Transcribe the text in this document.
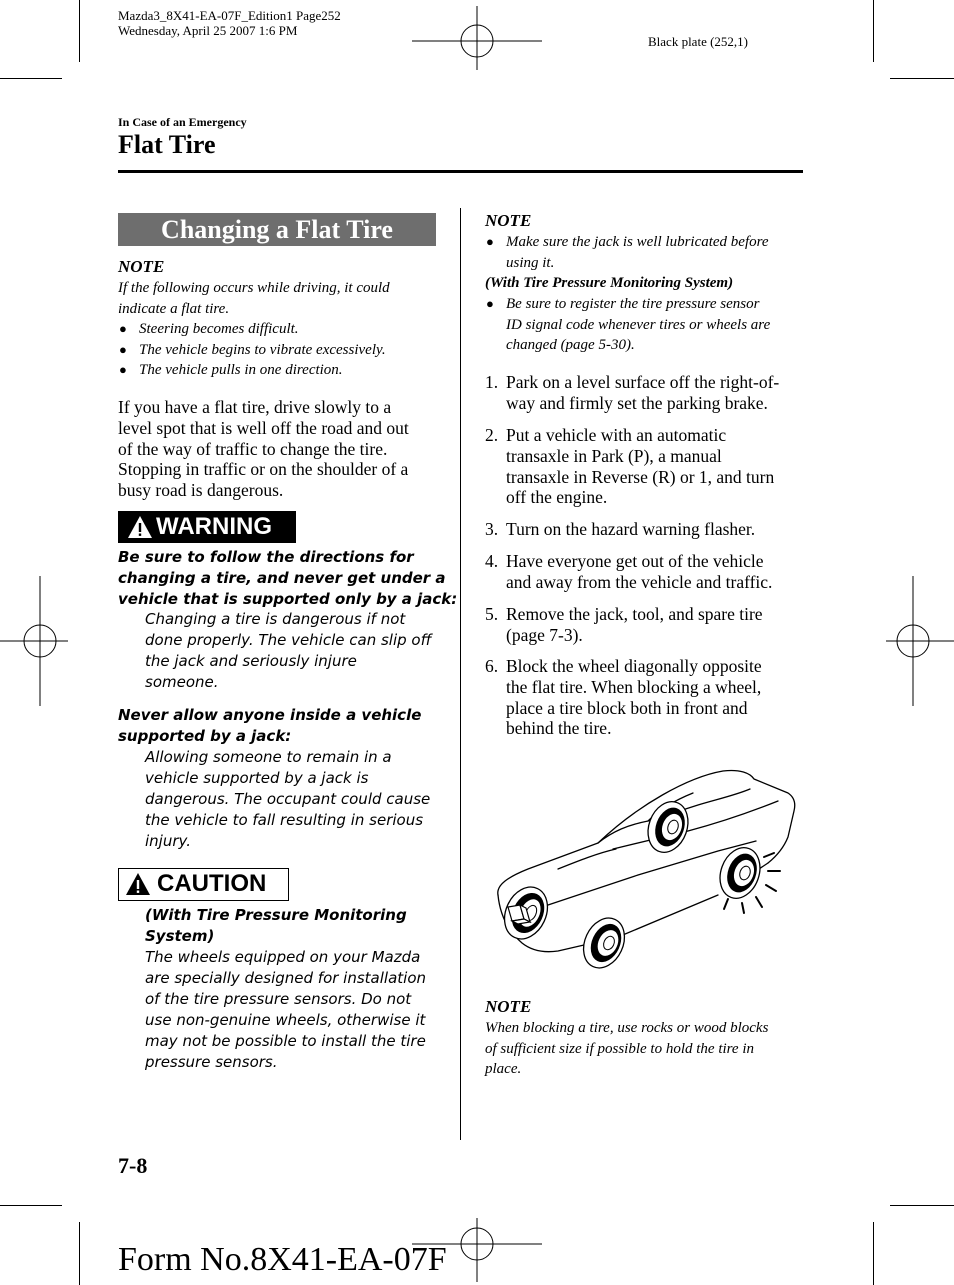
Mazda3_8X41-EA-07F_Edition1 Page252
Wednesday, April 25 2007 1:6 PM
Black plate (252,1)
In Case of an Emergency
Flat Tire
Changing a Flat Tire
NOTE
If the following occurs while driving, it could
indicate a flat tire.
● Steering becomes difficult.
● The vehicle begins to vibrate excessively.
● The vehicle pulls in one direction.
If you have a flat tire, drive slowly to a
level spot that is well off the road and out
of the way of traffic to change the tire.
Stopping in traffic or on the shoulder of a
busy road is dangerous.
WARNING
Be sure to follow the directions for
changing a tire, and never get under a
vehicle that is supported only by a jack:
Changing a tire is dangerous if not
done properly. The vehicle can slip off
the jack and seriously injure
someone.
Never allow anyone inside a vehicle
supported by a jack:
Allowing someone to remain in a
vehicle supported by a jack is
dangerous. The occupant could cause
the vehicle to fall resulting in serious
injury.
CAUTION
(With Tire Pressure Monitoring
System)
The wheels equipped on your Mazda
are specially designed for installation
of the tire pressure sensors. Do not
use non-genuine wheels, otherwise it
may not be possible to install the tire
pressure sensors.
NOTE
● Make sure the jack is well lubricated before
using it.
(With Tire Pressure Monitoring System)
● Be sure to register the tire pressure sensor
ID signal code whenever tires or wheels are
changed (page 5-30).
1. Park on a level surface off the right-of-
way and firmly set the parking brake.
2. Put a vehicle with an automatic
transaxle in Park (P), a manual
transaxle in Reverse (R) or 1, and turn
off the engine.
3. Turn on the hazard warning flasher.
4. Have everyone get out of the vehicle
and away from the vehicle and traffic.
5. Remove the jack, tool, and spare tire
(page 7-3).
6. Block the wheel diagonally opposite
the flat tire. When blocking a wheel,
place a tire block both in front and
behind the tire.
NOTE
When blocking a tire, use rocks or wood blocks
of sufficient size if possible to hold the tire in
place.
7-8
Form No.8X41-EA-07F
